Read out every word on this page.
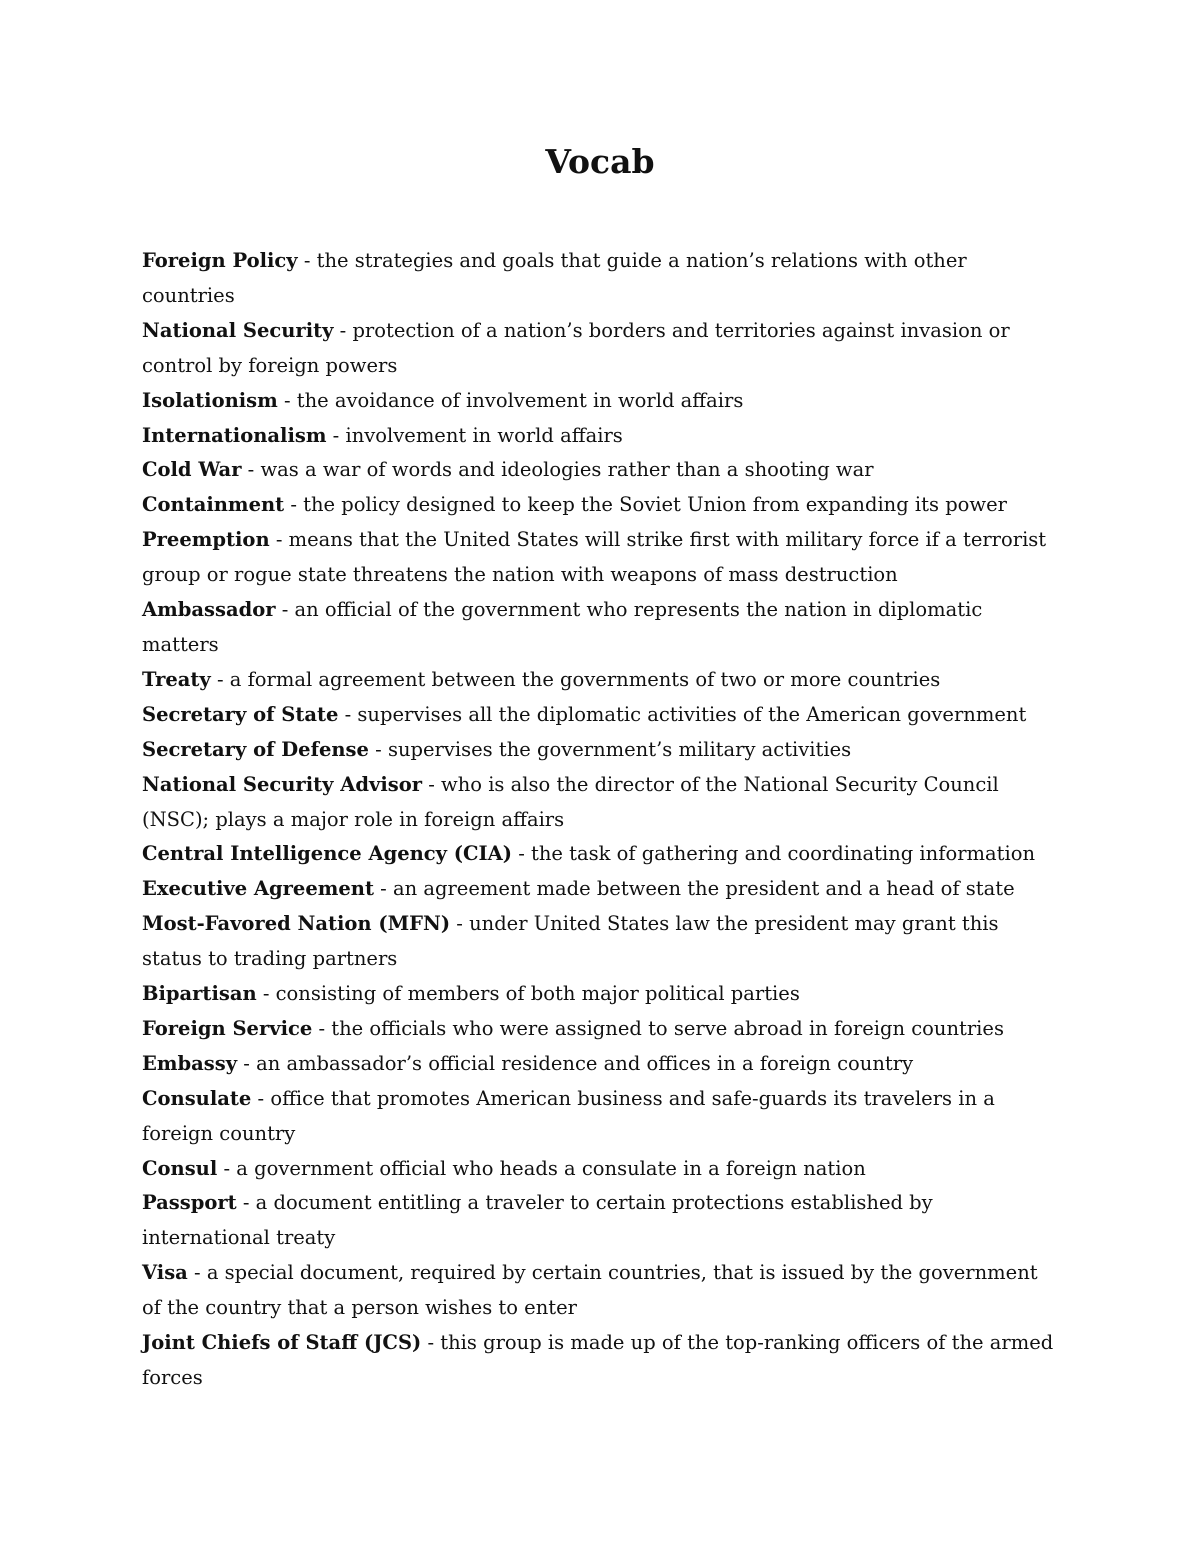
Vocab
Foreign Policy - the strategies and goals that guide a nation’s relations with other countries
National Security - protection of a nation’s borders and territories against invasion or control by foreign powers
Isolationism - the avoidance of involvement in world affairs
Internationalism - involvement in world affairs
Cold War - was a war of words and ideologies rather than a shooting war
Containment - the policy designed to keep the Soviet Union from expanding its power
Preemption - means that the United States will strike first with military force if a terrorist group or rogue state threatens the nation with weapons of mass destruction
Ambassador - an official of the government who represents the nation in diplomatic matters
Treaty - a formal agreement between the governments of two or more countries
Secretary of State - supervises all the diplomatic activities of the American government
Secretary of Defense - supervises the government’s military activities
National Security Advisor - who is also the director of the National Security Council (NSC); plays a major role in foreign affairs
Central Intelligence Agency (CIA) - the task of gathering and coordinating information
Executive Agreement - an agreement made between the president and a head of state
Most-Favored Nation (MFN) - under United States law the president may grant this status to trading partners
Bipartisan - consisting of members of both major political parties
Foreign Service - the officials who were assigned to serve abroad in foreign countries
Embassy - an ambassador’s official residence and offices in a foreign country
Consulate - office that promotes American business and safe-guards its travelers in a foreign country
Consul - a government official who heads a consulate in a foreign nation
Passport - a document entitling a traveler to certain protections established by international treaty
Visa - a special document, required by certain countries, that is issued by the government of the country that a person wishes to enter
Joint Chiefs of Staff (JCS) - this group is made up of the top-ranking officers of the armed forces
